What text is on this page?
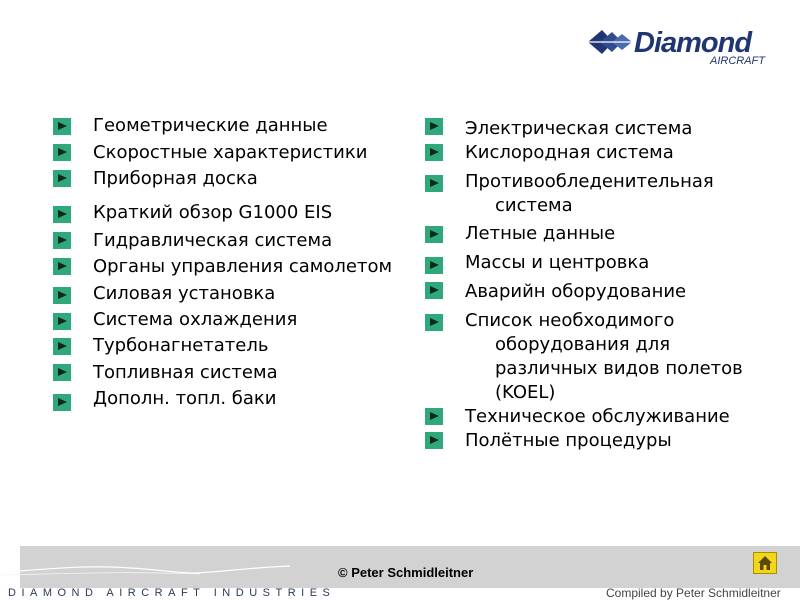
Diamond
AIRCRAFT
Геометрические данные
Скоростные характеристики
Приборная доска
Краткий обзор G1000 EIS
Гидравлическая система
Органы управления самолетом
Силовая установка
Система охлаждения
Турбонагнетатель
Топливная система
Дополн. топл. баки
Электрическая система
Кислородная система
Противообледенительная
система
Летные данные
Массы и центровка
Аварийн оборудование
Список необходимого
оборудования для
различных видов полетов
(KOEL)
Техническое обслуживание
Полётные процедуры
DIAMOND AIRCRAFT INDUSTRIES
© Peter Schmidleitner
Compiled by Peter Schmidleitner
